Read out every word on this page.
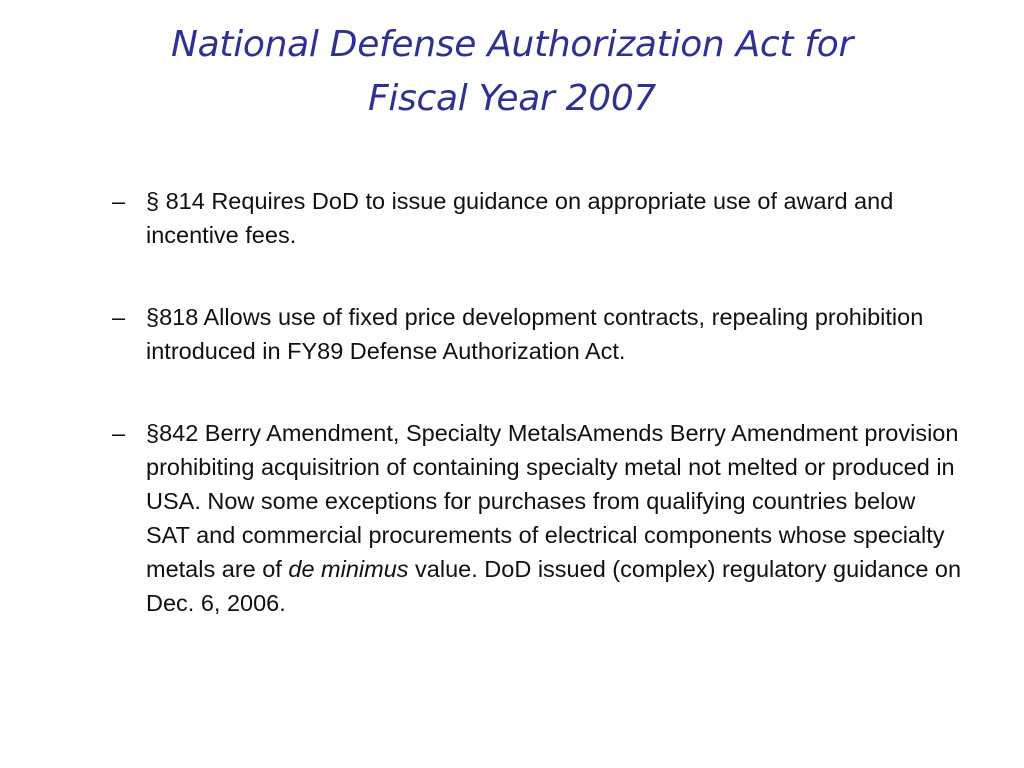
National Defense Authorization Act for
Fiscal Year 2007
– § 814 Requires DoD to issue guidance on appropriate use of award and incentive fees.
– §818 Allows use of fixed price development contracts, repealing prohibition introduced in FY89 Defense Authorization Act.
– §842 Berry Amendment, Specialty MetalsAmends Berry Amendment provision prohibiting acquisitrion of containing specialty metal not melted or produced in USA. Now some exceptions for purchases from qualifying countries below SAT and commercial procurements of electrical components whose specialty metals are of de minimus value. DoD issued (complex) regulatory guidance on Dec. 6, 2006.
